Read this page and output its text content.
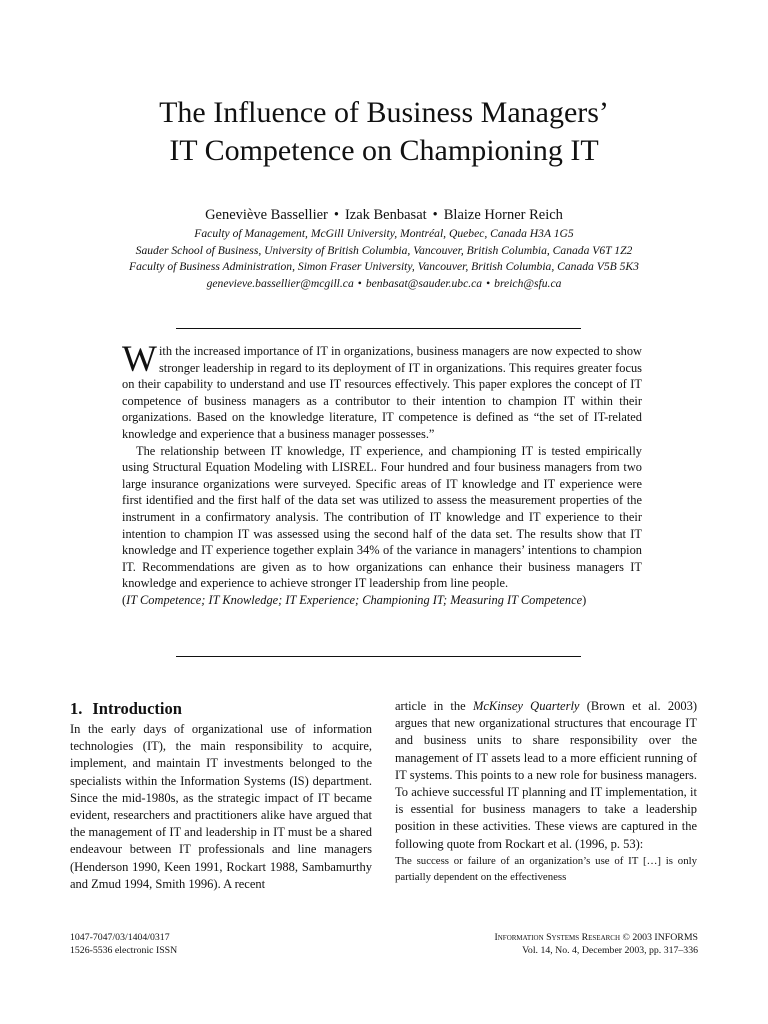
The Influence of Business Managers’
IT Competence on Championing IT
Geneviève Bassellier • Izak Benbasat • Blaize Horner Reich
Faculty of Management, McGill University, Montréal, Quebec, Canada H3A 1G5
Sauder School of Business, University of British Columbia, Vancouver, British Columbia, Canada V6T 1Z2
Faculty of Business Administration, Simon Fraser University, Vancouver, British Columbia, Canada V5B 5K3
genevieve.bassellier@mcgill.ca • benbasat@sauder.ubc.ca • breich@sfu.ca

With the increased importance of IT in organizations, business managers are now expected to show stronger leadership in regard to its deployment of IT in organizations. This requires greater focus on their capability to understand and use IT resources effectively. This paper explores the concept of IT competence of business managers as a contributor to their intention to champion IT within their organizations. Based on the knowledge literature, IT competence is defined as “the set of IT-related knowledge and experience that a business manager possesses.”

The relationship between IT knowledge, IT experience, and championing IT is tested empirically using Structural Equation Modeling with LISREL. Four hundred and four business managers from two large insurance organizations were surveyed. Specific areas of IT knowledge and IT experience were first identified and the first half of the data set was utilized to assess the measurement properties of the instrument in a confirmatory analysis. The contribution of IT knowledge and IT experience to their intention to champion IT was assessed using the second half of the data set. The results show that IT knowledge and IT experience together explain 34% of the variance in managers’ intentions to champion IT. Recommendations are given as to how organizations can enhance their business managers IT knowledge and experience to achieve stronger IT leadership from line people.

(IT Competence; IT Knowledge; IT Experience; Championing IT; Measuring IT Competence)

1. Introduction

In the early days of organizational use of information technologies (IT), the main responsibility to acquire, implement, and maintain IT investments belonged to the specialists within the Information Systems (IS) department. Since the mid-1980s, as the strategic impact of IT became evident, researchers and practitioners alike have argued that the management of IT and leadership in IT must be a shared endeavour between IT professionals and line managers (Henderson 1990, Keen 1991, Rockart 1988, Sambamurthy and Zmud 1994, Smith 1996). A recent

article in the McKinsey Quarterly (Brown et al. 2003) argues that new organizational structures that encourage IT and business units to share responsibility over the management of IT assets lead to a more efficient running of IT systems. This points to a new role for business managers. To achieve successful IT planning and IT implementation, it is essential for business managers to take a leadership position in these activities. These views are captured in the following quote from Rockart et al. (1996, p. 53):

The success or failure of an organization’s use of IT […] is only partially dependent on the effectiveness

1047-7047/03/1404/0317
1526-5536 electronic ISSN
Information Systems Research © 2003 INFORMS
Vol. 14, No. 4, December 2003, pp. 317–336
